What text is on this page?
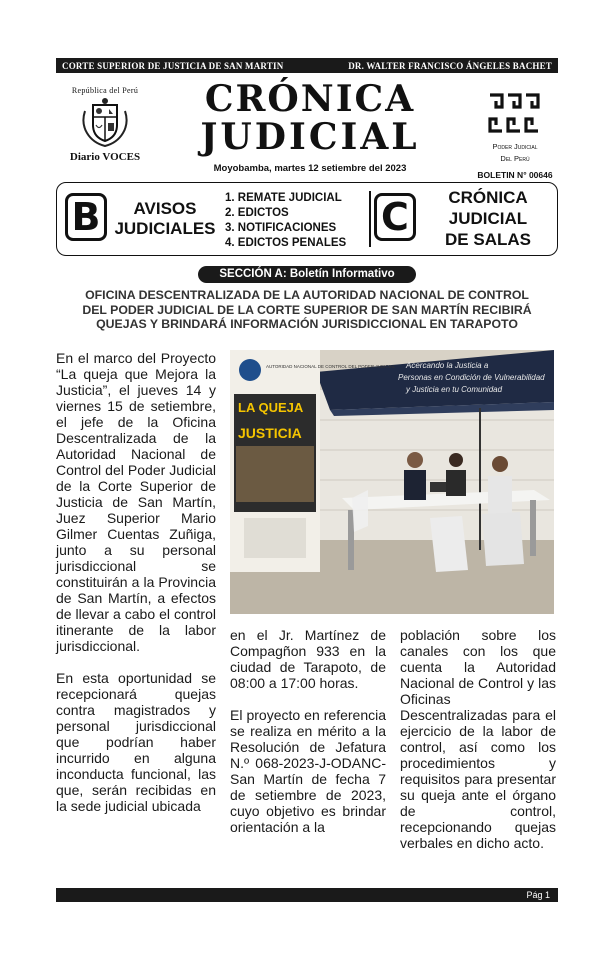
CORTE SUPERIOR DE JUSTICIA DE SAN MARTIN	DR. WALTER FRANCISCO ÁNGELES BACHET
República del Perú
Diario VOCES
CRÓNICA
JUDICIAL
Moyobamba, martes 12 setiembre del 2023
Poder Judicial
Del Perú
BOLETIN N° 00646
B	AVISOS
JUDICIALES
1. REMATE JUDICIAL
2. EDICTOS
3. NOTIFICACIONES
4. EDICTOS PENALES
C	CRÓNICA
JUDICIAL
DE SALAS
SECCIÓN A: Boletín Informativo
OFICINA DESCENTRALIZADA DE LA AUTORIDAD NACIONAL DE CONTROL
DEL PODER JUDICIAL DE LA CORTE SUPERIOR DE SAN MARTÍN RECIBIRÁ
QUEJAS Y BRINDARÁ INFORMACIÓN JURISDICCIONAL EN TARAPOTO

En el marco del Proyecto “La queja que Mejora la Justicia”, el jueves 14 y viernes 15 de setiembre, el jefe de la Oficina Descentralizada de la Autoridad Nacional de Control del Poder Judicial de la Corte Superior de Justicia de San Martín, Juez Superior Mario Gilmer Cuentas Zuñiga, junto a su personal jurisdiccional se constituirán a la Provincia de San Martín, a efectos de llevar a cabo el control itinerante de la labor jurisdiccional.

En esta oportunidad se recepcionará quejas contra magistrados y personal jurisdiccional que podrían haber incurrido en alguna inconducta funcional, las que, serán recibidas en la sede judicial ubicada

Acercando la Justicia a
Personas en Condición de Vulnerabilidad
y Justicia en tu Comunidad
AUTORIDAD NACIONAL DE CONTROL DEL PODER JUDICIAL
LA QUEJA
JUSTICIA

en el Jr. Martínez de Compagñon 933 en la ciudad de Tarapoto, de 08:00 a 17:00 horas.

El proyecto en referencia se realiza en mérito a la Resolución de Jefatura N.º 068-2023-J-ODANC-San Martín de fecha 7 de setiembre de 2023, cuyo objetivo es brindar orientación a la

población sobre los canales con los que cuenta la Autoridad Nacional de Control y las Oficinas Descentralizadas para el ejercicio de la labor de control, así como los procedimientos y requisitos para presentar su queja ante el órgano de control, recepcionando quejas verbales en dicho acto.

Pág 1
